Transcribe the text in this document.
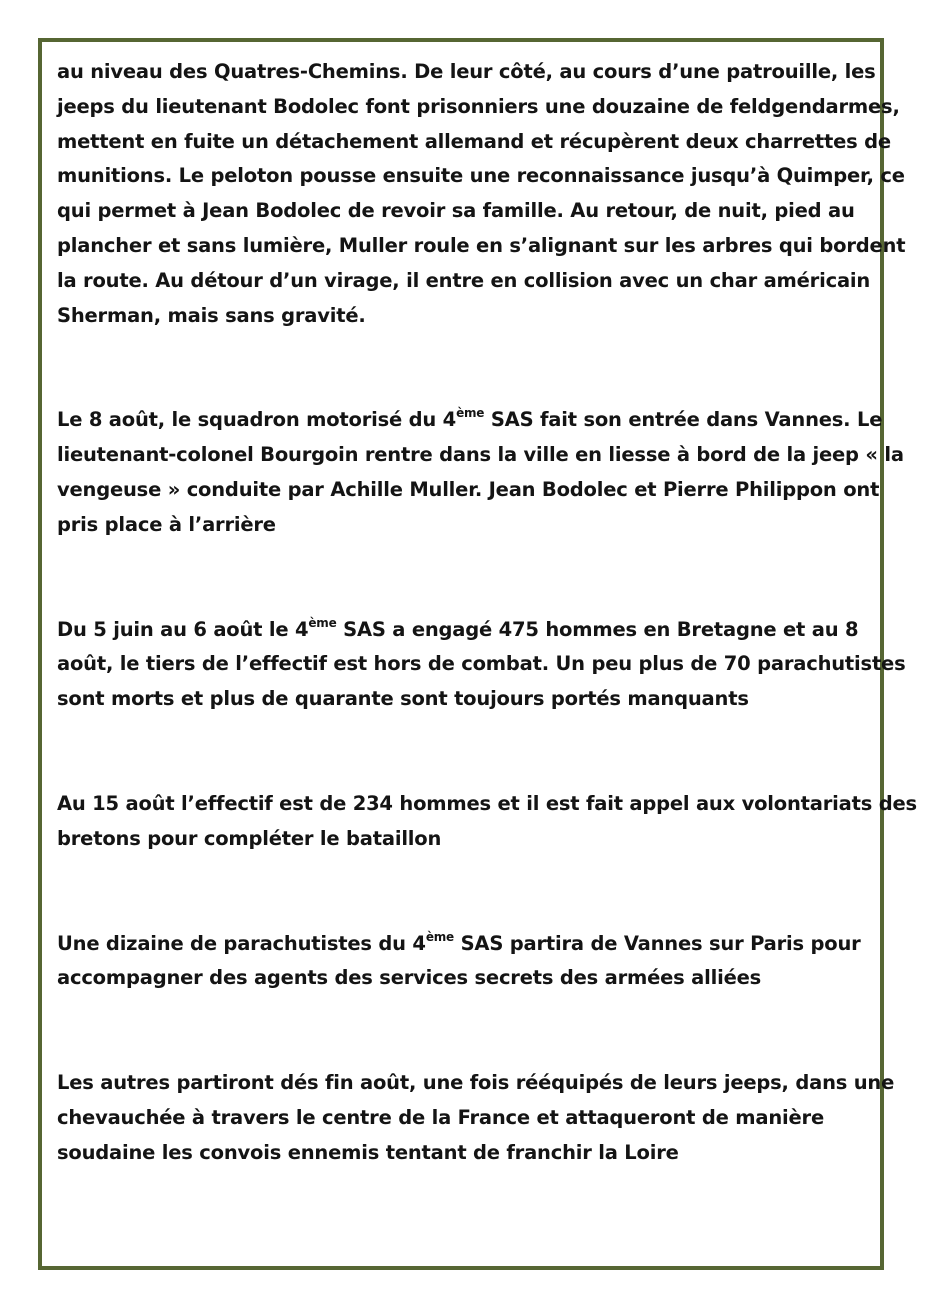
au niveau des Quatres-Chemins. De leur côté, au cours d’une patrouille, les
jeeps du lieutenant Bodolec font prisonniers une douzaine de feldgendarmes,
mettent en fuite un détachement allemand et récupèrent deux charrettes de
munitions. Le peloton pousse ensuite une reconnaissance jusqu’à Quimper, ce
qui permet à Jean Bodolec de revoir sa famille. Au retour, de nuit, pied au
plancher et sans lumière, Muller roule en s’alignant sur les arbres qui bordent
la route. Au détour d’un virage, il entre en collision avec un char américain
Sherman, mais sans gravité.
Le 8 août, le squadron motorisé du 4ème SAS fait son entrée dans Vannes. Le
lieutenant-colonel Bourgoin rentre dans la ville en liesse à bord de la jeep « la
vengeuse » conduite par Achille Muller. Jean Bodolec et Pierre Philippon ont
pris place à l’arrière
Du 5 juin au 6 août le 4ème SAS a engagé 475 hommes en Bretagne et au 8
août, le tiers de l’effectif est hors de combat. Un peu plus de 70 parachutistes
sont morts et plus de quarante sont toujours portés manquants
Au 15 août l’effectif est de 234 hommes et il est fait appel aux volontariats des
bretons pour compléter le bataillon
Une dizaine de parachutistes du 4ème SAS partira de Vannes sur Paris pour
accompagner des agents des services secrets des armées alliées
Les autres partiront dés fin août, une fois rééquipés de leurs jeeps, dans une
chevauchée à travers le centre de la France et attaqueront de manière
soudaine les convois ennemis tentant de franchir la Loire
